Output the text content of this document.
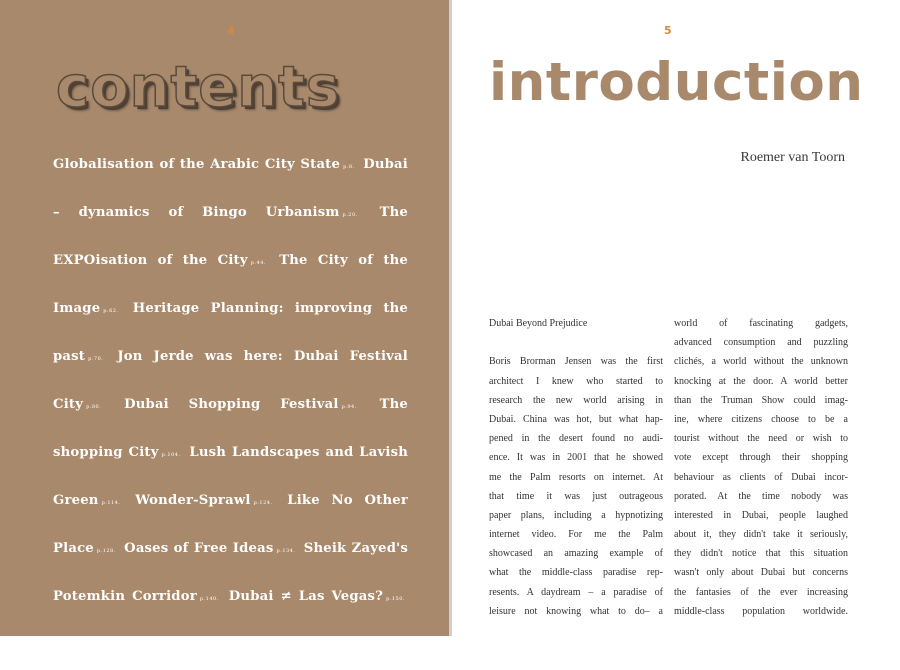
4
contents

Globalisation of the Arabic City State p.8. Dubai – dynamics of Bingo Urbanism p.20. The EXPOisation of the City p.44. The City of the Image p.62. Heritage Planning: improving the past p.70. Jon Jerde was here: Dubai Festival City p.80. Dubai Shopping Festival p.94. The shopping City p.104. Lush Landscapes and Lavish Green p.114. Wonder-Sprawl p.124. Like No Other Place p.128. Oases of Free Ideas p.134. Sheik Zayed's Potemkin Corridor p.140. Dubai ≠ Las Vegas? p.150. References p.157.

5
introduction
Roemer van Toorn
Dubai Beyond Prejudice
Boris Brorman Jensen was the first
architect I knew who started to
research the new world arising in
Dubai. China was hot, but what hap-
pened in the desert found no audi-
ence. It was in 2001 that he showed
me the Palm resorts on internet. At
that time it was just outrageous
paper plans, including a hypnotizing
internet video. For me the Palm
showcased an amazing example of
what the middle-class paradise rep-
resents. A daydream – a paradise of
leisure not knowing what to do– a
world of fascinating gadgets,
advanced consumption and puzzling
clichés, a world without the unknown
knocking at the door. A world better
than the Truman Show could imag-
ine, where citizens choose to be a
tourist without the need or wish to
vote except through their shopping
behaviour as clients of Dubai incor-
porated. At the time nobody was
interested in Dubai, people laughed
about it, they didn't take it seriously,
they didn't notice that this situation
wasn't only about Dubai but concerns
the fantasies of the ever increasing
middle-class population worldwide.
